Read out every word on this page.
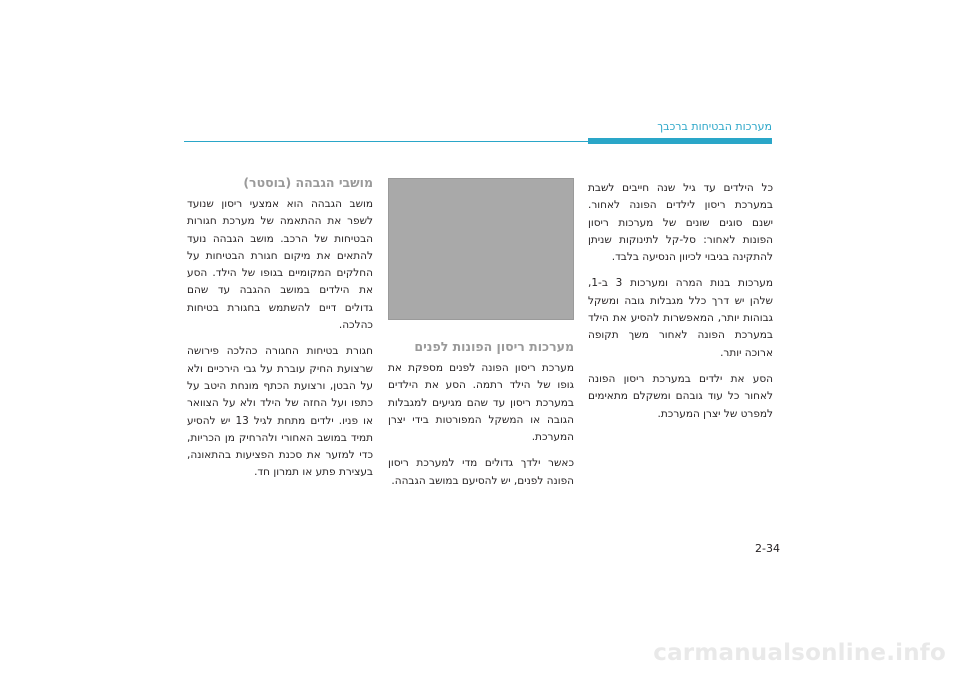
מערכות הבטיחות ברכבך

כל הילדים עד גיל שנה חייבים לשבת במערכת ריסון לילדים הפונה לאחור. ישנם סוגים שונים של מערכות ריסון הפונות לאחור: סל-קל לתינוקות שניתן להתקינה בגיבוי לכיוון הנסיעה בלבד.

מערכות בנות המרה ומערכות 3 ב-1, שלהן יש דרך כלל מגבלות גובה ומשקל גבוהות יותר, המאפשרות להסיע את הילד במערכת הפונה לאחור משך תקופה ארוכה יותר.

הסע את ילדים במערכת ריסון הפונה לאחור כל עוד גובהם ומשקלם מתאימים למפרט של יצרן המערכת.

מערכות ריסון הפונות לפנים

מערכת ריסון הפונה לפנים מספקת את גופו של הילד רתמה. הסע את הילדים במערכת ריסון עד שהם מגיעים למגבלות הגובה או המשקל המפורטות בידי יצרן המערכת.

כאשר ילדך גדולים מדי למערכת ריסון הפונה לפנים, יש להסיעם במושב הגבהה.

מושבי הגבהה (בוסטר)

מושב הגבהה הוא אמצעי ריסון שנועד לשפר את ההתאמה של מערכת חגורות הבטיחות של הרכב. מושב הגבהה נועד להתאים את מיקום חגורת הבטיחות על החלקים המקומיים בגופו של הילד. הסע את הילדים במושב ההגבה עד שהם גדולים דיים להשתמש בחגורת בטיחות כהלכה.

חגורת בטיחות החגורה כהלכה פירושה שרצועת החיק עוברת על גבי הירכיים ולא על הבטן, ורצועת הכתף מונחת היטב על כתפו ועל החזה של הילד ולא על הצוואר או פניו. ילדים מתחת לגיל 13 יש להסיע תמיד במושב האחורי ולהרחיק מן הכריות, כדי למזער את סכנת הפציעות בהתאונה, בעצירת פתע או תמרון חד.

2-34
carmanualsonline.info
